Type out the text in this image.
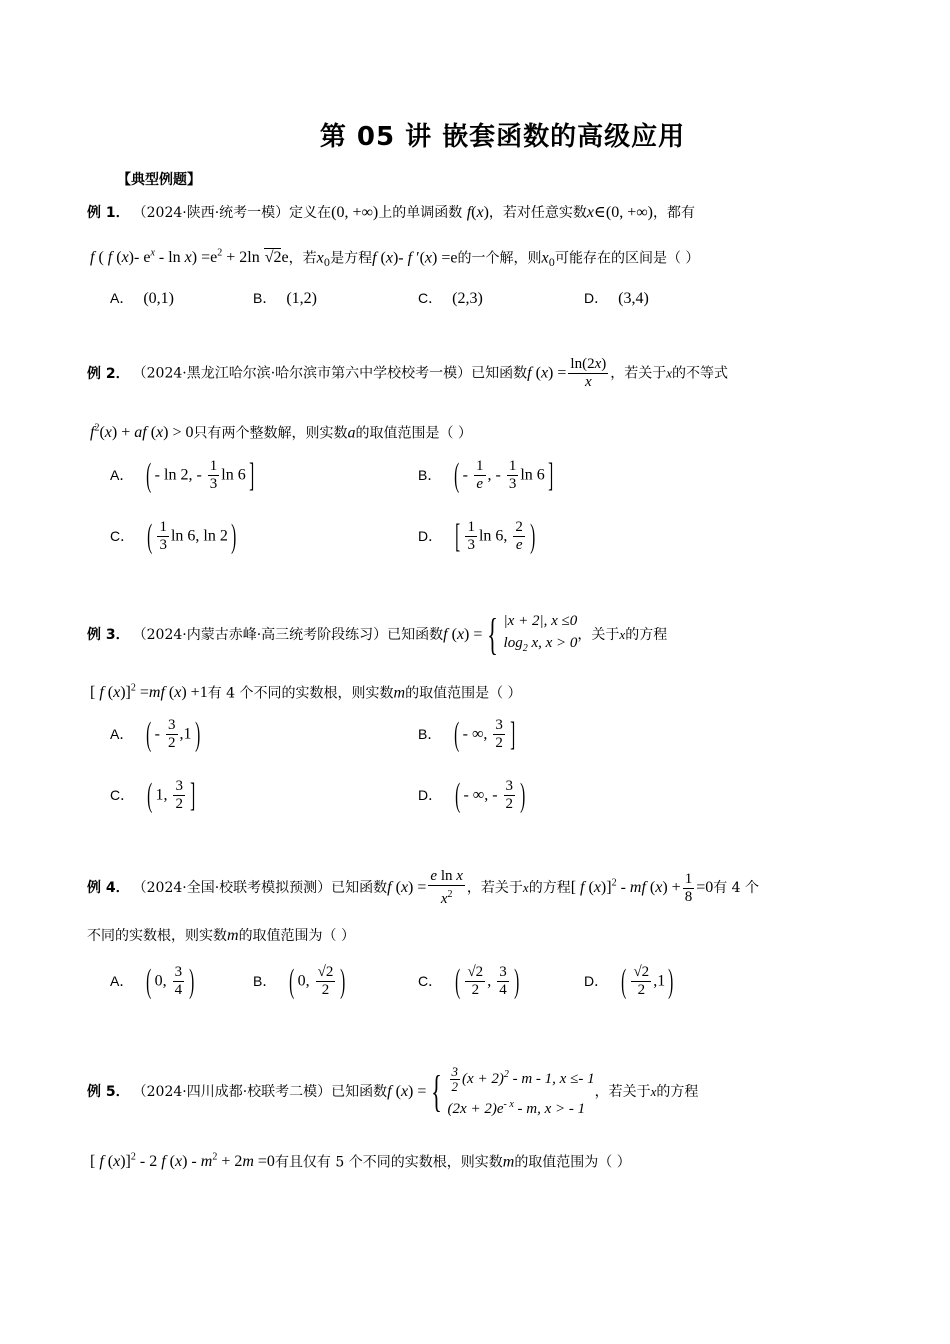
第 05 讲 嵌套函数的高级应用
【典型例题】
例 1． （2024·陕西·统考一模）定义在(0, +∞)上的单调函数 f(x)，若对任意实数x∈(0, +∞)，都有
f ( f (x)- $e^x - \ln x) =e^2 + 2\ln$ √2e，若$x_0$是方程f (x)- f ′(x) =e的一个解，则$x_0$可能存在的区间是（ ）
A． (0,1)	B． (1,2)	C． (2,3)	D． (3,4)
例 2． （2024·黑龙江哈尔滨·哈尔滨市第六中学校校考一模）已知函数f $(x) = \frac{\ln(2x)}{x}$ ，若关于x的不等式
$f^2(x)$ + af (x) > 0只有两个整数解，则实数a的取值范围是（ ）
A． ( - ln 2, - $\frac{1}{3}$ ln 6]	B． ( - $\frac{1}{e}$ , - $\frac{1}{3}$ ln 6]
C． ( $\frac{1}{3}$ ln 6, ln 2)	D． [ $\frac{1}{3}$ ln 6, $\frac{2}{e}$ )
例 3． （2024·内蒙古赤峰·高三统考阶段练习）已知函数f (x) = { |x + 2|, x ≤0
$\log_2 x$, x > 0 ，关于x的方程
[ f (x)]$^2$ =mf (x) +1有 4 个不同的实数根，则实数m的取值范围是（ ）
A． ( - $\frac{3}{2} ,1$)	B． ( - ∞, $\frac{3}{2}$ ]
C． ( 1, $\frac{3}{2}$ ]	D． ( - ∞, - $\frac{3}{2}$ )
例 4． （2024·全国·校联考模拟预测）已知函数f $(x) = \frac{\text{e ln x}}{x^2}$ ，若关于x的方程[ f (x)]$^2$ - mf $(x) + \frac{1}{8} =0$有 4 个
不同的实数根，则实数m的取值范围为（ ）
A． ( 0, $\frac{3}{4}$ )	B． ( 0, $\frac{√2}{2}$ )	C． ( $\frac{√2}{2}$ , $\frac{3}{4}$ )	D． ( $\frac{√2}{2} ,1$)
例 5． （2024·四川成都·校联考二模）已知函数f (x) = { $\frac{3}{2} (x + 2)^2 - m - 1$, x ≤- 1
$(2x + 2)e^{- x} - m$, x > - 1
，若关于x的方程
[ f (x)]$^2$ - 2 f $(x) - m^2 + 2m =0$有且仅有 5 个不同的实数根，则实数m的取值范围为（ ）
